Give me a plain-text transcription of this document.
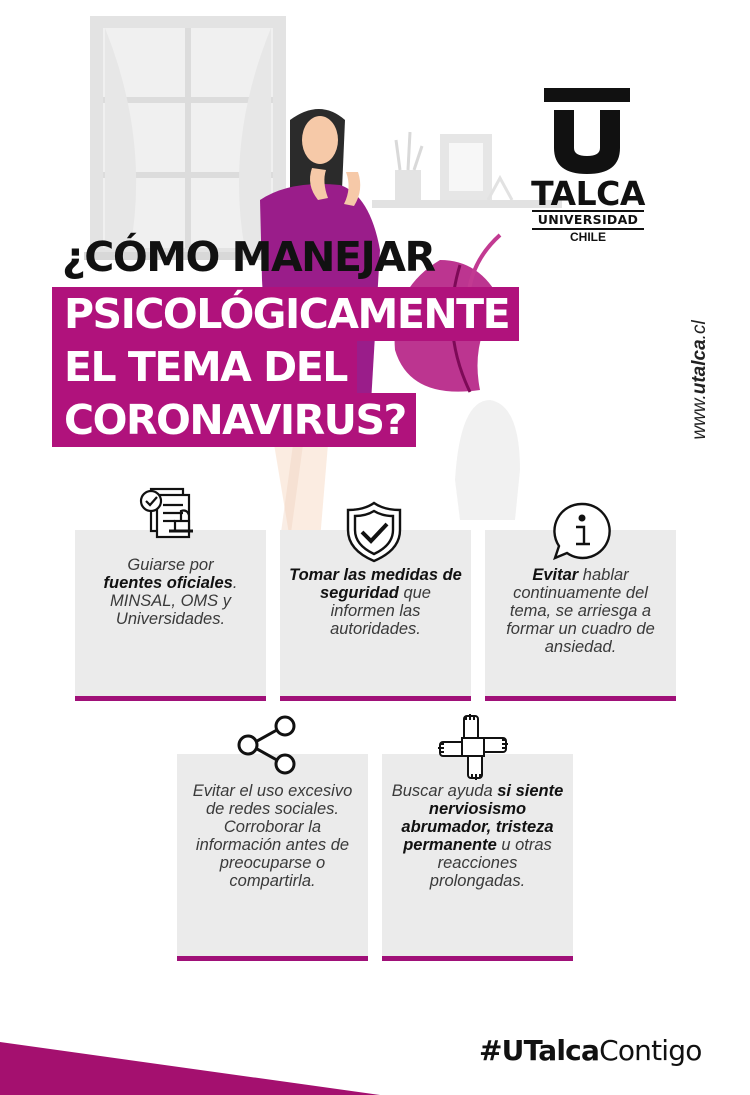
TALCA
UNIVERSIDAD
CHILE
www.utalca.cl
¿CÓMO MANEJAR
PSICOLÓGICAMENTE
EL TEMA DEL
CORONAVIRUS?

Guiarse por
fuentes oficiales. MINSAL, OMS y Universidades.

Tomar las medidas de seguridad que informen las autoridades.

Evitar hablar continuamente del tema, se arriesga a formar un cuadro de ansiedad.

Evitar el uso excesivo de redes sociales. Corroborar la información antes de preocuparse o compartirla.

Buscar ayuda si siente nerviosismo abrumador, tristeza permanente u otras reacciones prolongadas.

#UTalcaContigo
